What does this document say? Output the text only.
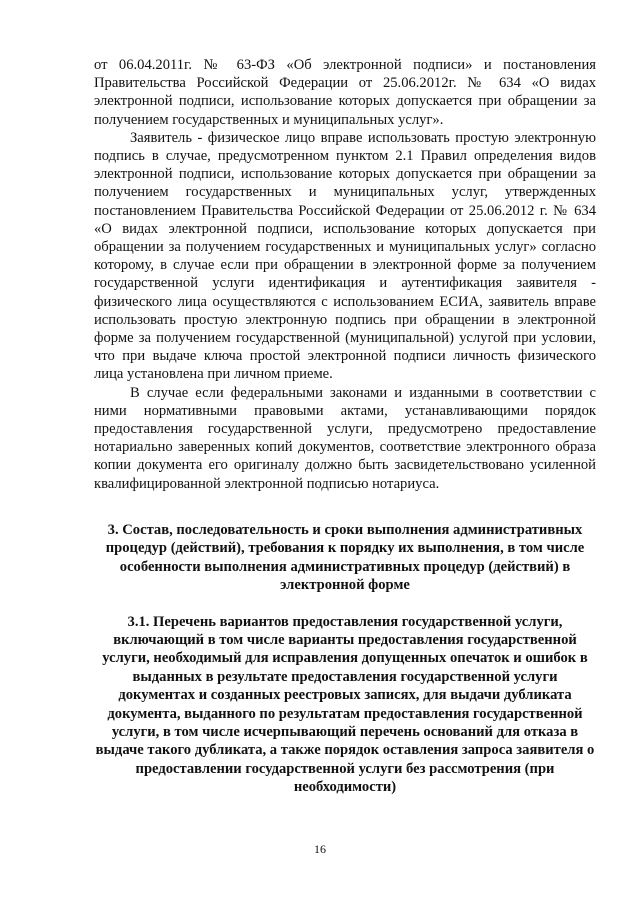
от 06.04.2011г. № 63-ФЗ «Об электронной подписи» и постановления Правительства Российской Федерации от 25.06.2012г. № 634 «О видах электронной подписи, использование которых допускается при обращении за получением государственных и муниципальных услуг».

Заявитель - физическое лицо вправе использовать простую электронную подпись в случае, предусмотренном пунктом 2.1 Правил определения видов электронной подписи, использование которых допускается при обращении за получением государственных и муниципальных услуг, утвержденных постановлением Правительства Российской Федерации от 25.06.2012 г. № 634 «О видах электронной подписи, использование которых допускается при обращении за получением государственных и муниципальных услуг» согласно которому, в случае если при обращении в электронной форме за получением государственной услуги идентификация и аутентификация заявителя - физического лица осуществляются с использованием ЕСИА, заявитель вправе использовать простую электронную подпись при обращении в электронной форме за получением государственной (муниципальной) услугой при условии, что при выдаче ключа простой электронной подписи личность физического лица установлена при личном приеме.

В случае если федеральными законами и изданными в соответствии с ними нормативными правовыми актами, устанавливающими порядок предоставления государственной услуги, предусмотрено предоставление нотариально заверенных копий документов, соответствие электронного образа копии документа его оригиналу должно быть засвидетельствовано усиленной квалифицированной электронной подписью нотариуса.

3. Состав, последовательность и сроки выполнения административных процедур (действий), требования к порядку их выполнения, в том числе особенности выполнения административных процедур (действий) в электронной форме

3.1. Перечень вариантов предоставления государственной услуги, включающий в том числе варианты предоставления государственной услуги, необходимый для исправления допущенных опечаток и ошибок в выданных в результате предоставления государственной услуги документах и созданных реестровых записях, для выдачи дубликата документа, выданного по результатам предоставления государственной услуги, в том числе исчерпывающий перечень оснований для отказа в выдаче такого дубликата, а также порядок оставления запроса заявителя о предоставлении государственной услуги без рассмотрения (при необходимости)

16
